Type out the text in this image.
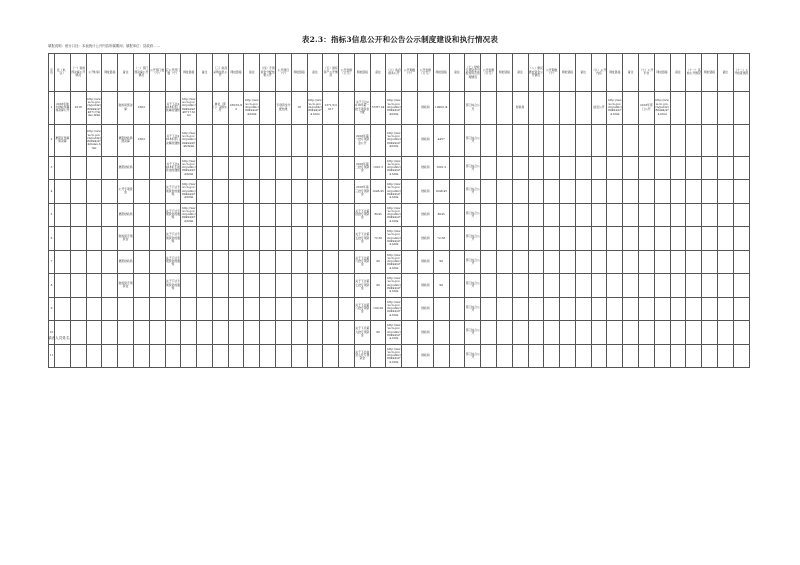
表2.3：指标3信息公开和公告公示制度建设和执行情况表
填报说明：统计口径：本表统计公开内容所属期间；填报单位：县政府……
序号	县（市、区）	（一）财政预决算公开情况	公开时间	网址链接	备注	（二）部门预决算公开情况	公开部门数（个）	应公开部门数（个）	网址链接	备注	（三）政府采购信息公开	网址链接	备注	（四）专项资金分配结果公开	公开项目（个）	网址链接	备注	（五）国有资产公开情况	公开金额（万元）	网址链接	备注	（六）政府债务公开	公开期数（个）	公开金额（万元）	网址链接	备注	（七）财政专项资金分配使用及管理情况	公开金额（万元）	网址链接	备注	（八）惠民惠农资金公开情况	公开期数（个）	网址链接	备注	（九）公开内容	网址链接	备注	（十）公开平台	网址链接	备注	（十一）其他公开情况	网址链接	备注	（十二）公开检查情况
1	2018年地方财政预算和决算公开	2018	http://www.cn.gov.cn/public/80494/4746717/index.html		财政局预决算	2303		关于下达2018年部门预算的通知	http://www.cn.gov.cn/public/80494/4746717.html		单位（部门）采购公开	2303/1/23	http://www.cn.gov.cn/public/80494/474/html		专项资金分配结果	18	http://www.cn.gov.cn/public/80494/474.html	1371/1/2017		关于下达2018年第一批专项资金分配	57/87.24	http://www.cn.gov.cn/public/80494/474/html		财政局	1990/1/4		部门综合公开			财政局					信息公开	http://www.cn.gov.cn/public/80494/474.html		2018年部门公开	http://www.cn.gov.cn/public/80494/474.html					
2	惠阳区预算和决算		http://www.cn.gov.cn/public/80494/474/index.html		惠阳财政局预决算	2303		关于下达2018年部门决算的通知	http://www.cn.gov.cn/public/80494/4746/html											2018年第一批专项资金公开		http://www.cn.gov.cn/public/80494/474/html		财政局	4457		部门综合公开																	
3					惠阳财政局			关于下达2018年专项资金的通知	http://www.cn.gov.cn/public/80494/474/html											2018年第二批专项资金	1001.3	http://www.cn.gov.cn/public/80494/474.html		财政局	1001.3		部门综合公开																	
4					公开专项资金			关于下达专项资金的通知	http://www.cn.gov.cn/public/80494/474/html											2018年第三批专项资金	1048.45	http://www.cn.gov.cn/public/80494/474.html		财政局	1048.45		部门综合公开																	
5					惠阳财政局			关于下达专项资金的通知	http://www.cn.gov.cn/public/80494/474/html											关于下达第四批专项资金	8045	http://www.cn.gov.cn/public/80494/474.html		财政局	8045		部门综合公开																	
6					财政局专项资金			关于下达专项资金的通知												关于下达第五批专项资金	72.36	http://www.cn.gov.cn/public/80494/474.html		财政局	72.36		部门综合公开																	
7					惠阳财政局			关于下达专项资金的通知												关于下达第六批专项资金	96	http://www.cn.gov.cn/public/80494/474.html		财政局	96		部门综合公开																	
8					财政局专项资金			关于下达专项资金的通知												关于下达第七批专项资金	96	http://www.cn.gov.cn/public/80494/474.html		财政局	96		部门综合公开																	
9																				关于下达第八批专项资金	100.29	http://www.cn.gov.cn/public/80494/474.html		财政局			部门综合公开																	
10																				关于下达第九批专项资金	96	http://www.cn.gov.cn/public/80494/474.html		财政局			部门综合公开																	
11																				关于下达信息公开专项资金		http://www.cn.gov.cn/public/80494/474.html		财政局			部门综合公开																	
填表人员姓名：
